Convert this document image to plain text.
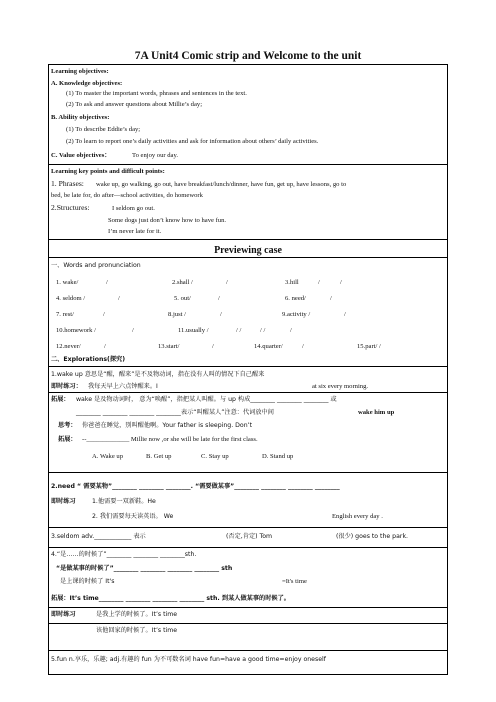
7A Unit4 Comic strip and Welcome to the unit
Learning objectives:
A. Knowledge objectives:
(1) To master the important words, phrases and sentences in the text.
(2) To ask and answer questions about Millie’s day;
B. Ability objectives:
(1) To describe Eddie’s day;
(2) To learn to report one’s daily activities and ask for information about others’ daily activities.
C. Value objectives：	To enjoy our day.
Learning key points and difficult points:
1. Phrases: wake up, go walking, go out, have breakfast/lunch/dinner, have fun, get up, have lessons, go to
bed, be late for, do after—school activities, do homework
2.Structures:	I seldom go out.
Some dogs just don’t know how to have fun.
I’m never late for it.
Previewing case
一、Words and pronunciation
1. wake/	/	2.shall /	/	3.hill	/	/
4. seldom /	/	5. out/	/	6. need/	/
7. rest/	/	8.just /	/	9.activity /	/
10.homework /	/	11.usually /	/ /	/ /	/
12.never/	/	13.start/	/	14.quarter/	/	15.part/ /
二、Explorations(探究)
1.wake up 意思是“醒，醒来”是不及物动词，指在没有人叫的情况下自己醒来
即时练习： 我每天早上六点钟醒来。I	at six every morning.
拓展： wake 是及物动词时， 意为“唤醒”，指把某人叫醒。与 up 构成________ ________ ________ 或
________ ________ ________ ________表示“叫醒某人”注意：代词放中间	wake him up
思考： 你爸爸在睡觉，别叫醒他啊。Your father is sleeping. Don’t
拓展： --_____________ Millie now ,or she will be late for the first class.
A. Wake up	B. Get up	C. Stay up	D. Stand up
2.need “ 需要某物”________ ________ ________. “需要做某事”________ ________ ________ ________
即时练习	1.他需要一双新鞋。He
2. 我们需要每天读英语。 We	English every day .
3.seldom adv.____________ 表示	(否定,肯定) Tom	(很少) goes to the park.
4.“是……的时候了”________ ________ ________sth.
“是做某事的时候了”________ ________ ________ ________ sth
是上课的时候了 It's	=It's time
拓展：It’s time________ ________ ________ ________ sth. 到某人做某事的时候了。
即时练习	是我上学的时候了。It’s time
该他回家的时候了。It’s time
5.fun n.享乐，乐趣; adj.有趣的 fun 为不可数名词 have fun=have a good time=enjoy oneself
